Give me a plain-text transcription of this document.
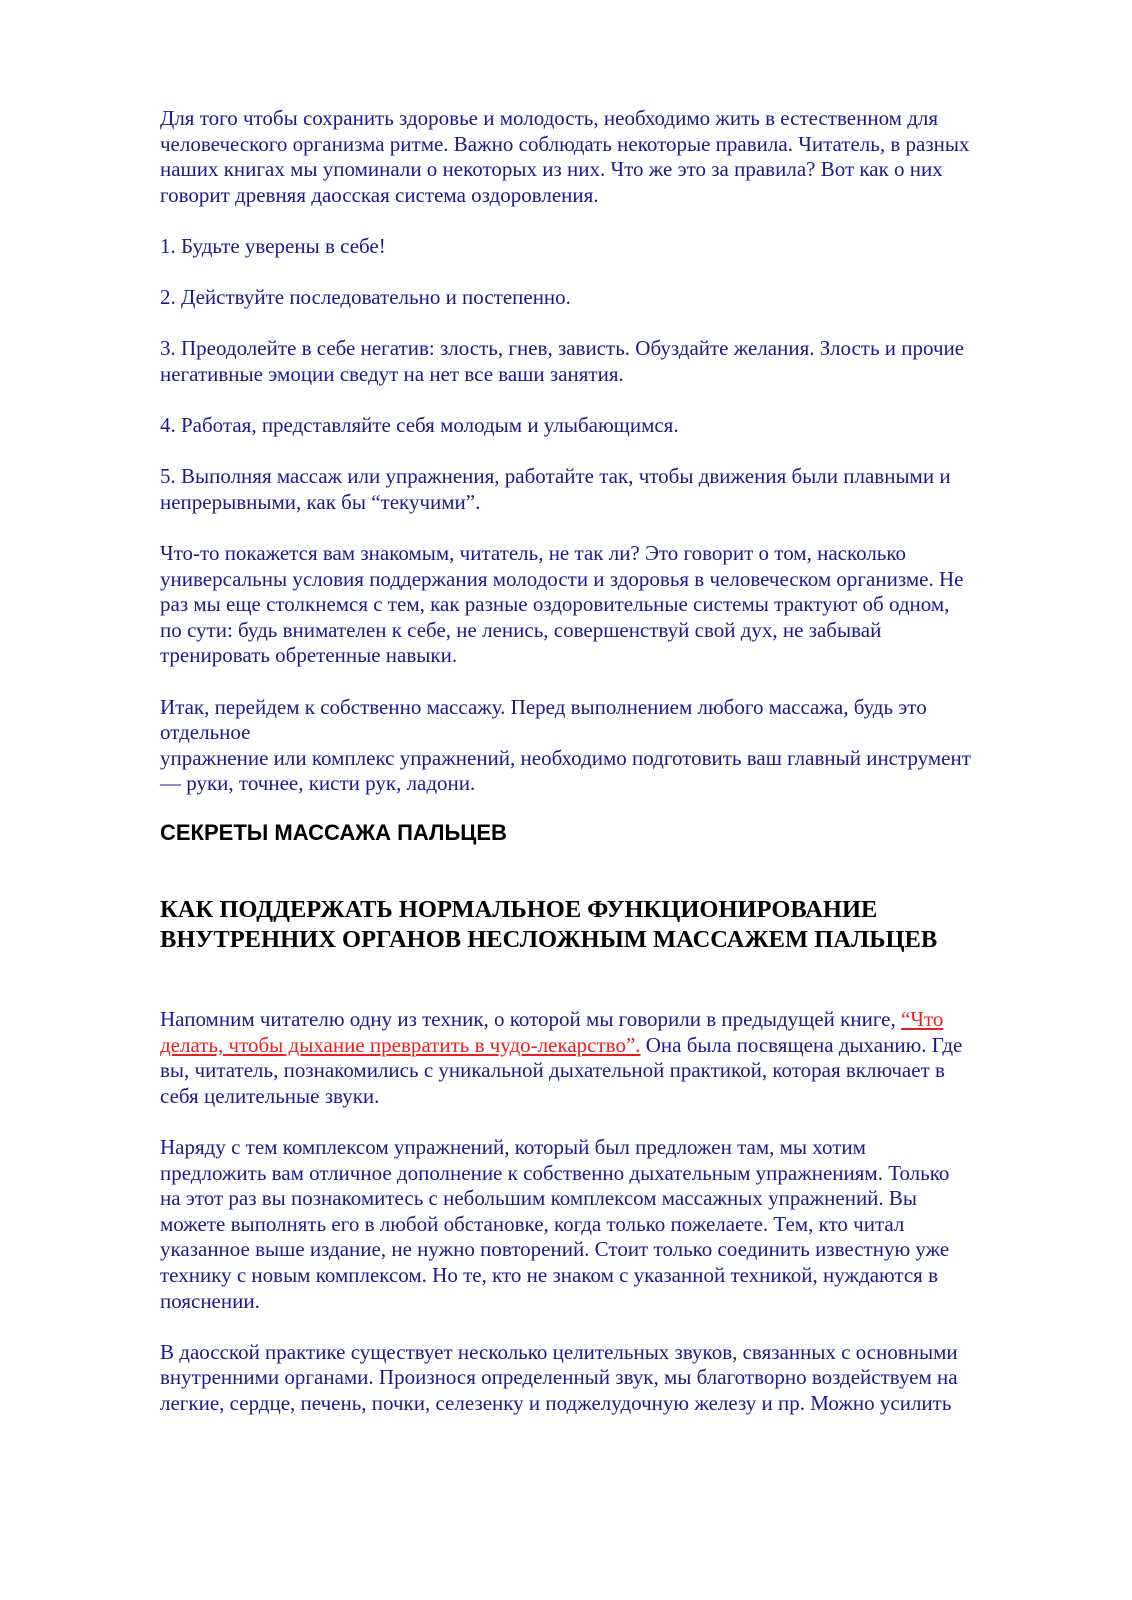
Для того чтобы сохранить здоровье и молодость, необходимо жить в естественном для
человеческого организма ритме. Важно соблюдать некоторые правила. Читатель, в разных
наших книгах мы упоминали о некоторых из них. Что же это за правила? Вот как о них
говорит древняя даосская система оздоровления.

1. Будьте уверены в себе!

2. Действуйте последовательно и постепенно.

3. Преодолейте в себе негатив: злость, гнев, зависть. Обуздайте желания. Злость и прочие
негативные эмоции сведут на нет все ваши занятия.

4. Работая, представляйте себя молодым и улыбающимся.

5. Выполняя массаж или упражнения, работайте так, чтобы движения были плавными и
непрерывными, как бы “текучими”.

Что-то покажется вам знакомым, читатель, не так ли? Это говорит о том, насколько
универсальны условия поддержания молодости и здоровья в человеческом организме. Не
раз мы еще столкнемся с тем, как разные оздоровительные системы трактуют об одном,
по сути: будь внимателен к себе, не ленись, совершенствуй свой дух, не забывай
тренировать обретенные навыки.

Итак, перейдем к собственно массажу. Перед выполнением любого массажа, будь это
отдельное
упражнение или комплекс упражнений, необходимо подготовить ваш главный инструмент
— руки, точнее, кисти рук, ладони.

СЕКРЕТЫ МАССАЖА ПАЛЬЦЕВ
КАК ПОДДЕРЖАТЬ НОРМАЛЬНОЕ ФУНКЦИОНИРОВАНИЕ
ВНУТРЕННИХ ОРГАНОВ НЕСЛОЖНЫМ МАССАЖЕМ ПАЛЬЦЕВ

Напомним читателю одну из техник, о которой мы говорили в предыдущей книге, “Что
делать, чтобы дыхание превратить в чудо-лекарство”. Она была посвящена дыханию. Где
вы, читатель, познакомились с уникальной дыхательной практикой, которая включает в
себя целительные звуки.

Наряду с тем комплексом упражнений, который был предложен там, мы хотим
предложить вам отличное дополнение к собственно дыхательным упражнениям. Только
на этот раз вы познакомитесь с небольшим комплексом массажных упражнений. Вы
можете выполнять его в любой обстановке, когда только пожелаете. Тем, кто читал
указанное выше издание, не нужно повторений. Стоит только соединить известную уже
технику с новым комплексом. Но те, кто не знаком с указанной техникой, нуждаются в
пояснении.

В даосской практике существует несколько целительных звуков, связанных с основными
внутренними органами. Произнося определенный звук, мы благотворно воздействуем на
легкие, сердце, печень, почки, селезенку и поджелудочную железу и пр. Можно усилить
